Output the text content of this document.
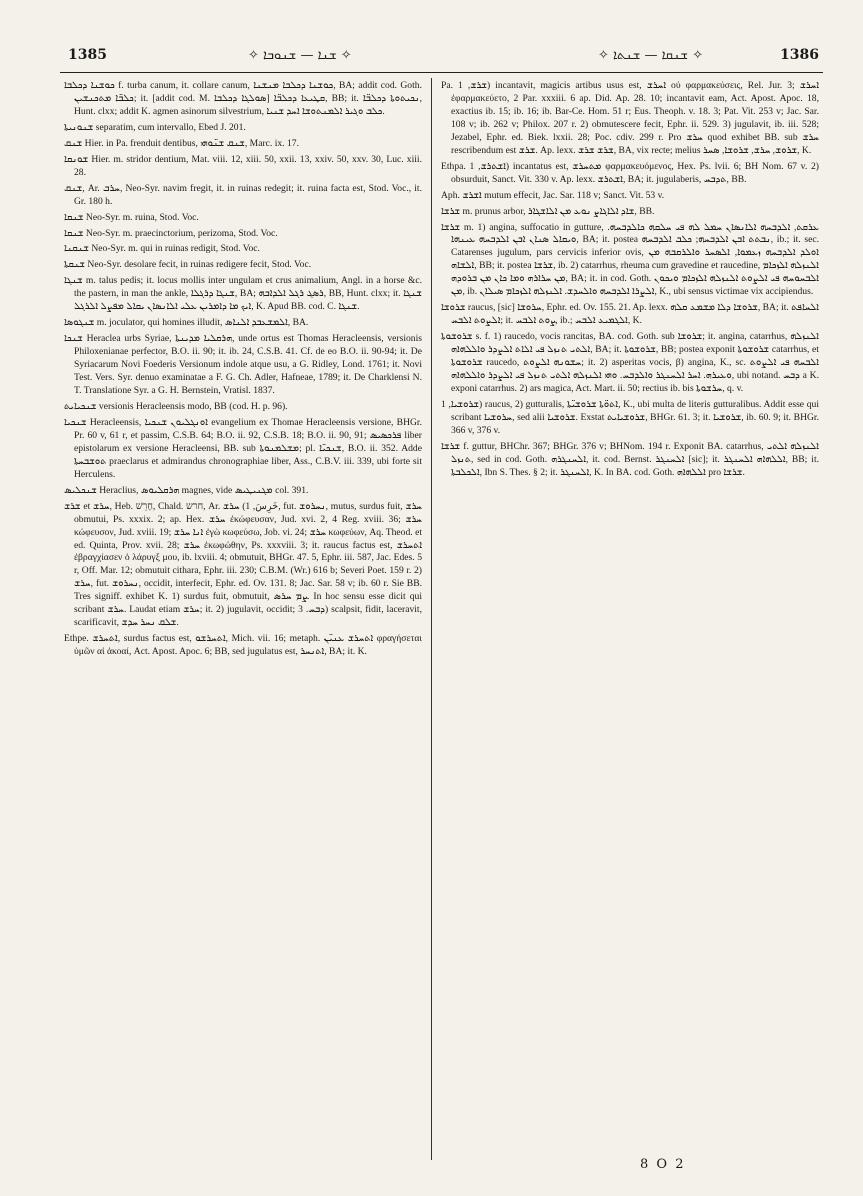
1385	✧ ܫܢܐ — ܫܢܘܒܐ ✧	✧ ܫܢܩܐ — ܫܢܬܐ ✧	1386

ܟܘܫܢܐ ܕܟܠܒܐ f. turba canum, it. collare canum, ܟܘܫܢܐ ܕܟܠܒܐ ܡܢܫܢܐ, BA; addit cod. Goth. ܟܠܒ̈ܐ ܡܬܟܢܫܝܢ; it. [addit cod. M. ܣܘܠܓܐ ܕܟܠܒܐ] ܩܛܝܥܐ ܕܟܠܒ̈ܐ, BB; it. ܢܟܝܬܘܬܐ ܕܟܠܒ̈ܐ, Hunt. clxx; addit K. agmen asinorum silvestrium, ܟܠܒ ܘܓܝܪ ܐܠܡܢܬܘܫܐ ܐܚܕ ܫܢܝܐ.

ܫܢܘܢܝܬܐ separatim, cum intervallo, Ebed J. 201.

ܫܢܩ Hier. in Pa. frenduit dentibus, ܫܢܩ ܫܢ̈ܘܗܝ, Marc. ix. 17.

ܫܘܢܩܐ Hier. m. stridor dentium, Mat. viii. 12, xiii. 50, xxii. 13, xxiv. 50, xxv. 30, Luc. xiii. 28.

ܫܢܩ, Ar. ܚܪܒ, Neo-Syr. navim fregit, it. in ruinas redegit; it. ruina facta est, Stod. Voc., it. Gr. 180 h.

ܫܢܩܐ Neo-Syr. m. ruina, Stod. Voc.

ܫܢܩܐ Neo-Syr. m. praecinctorium, perizoma, Stod. Voc.

ܫܢܩܢܐ Neo-Syr. m. qui in ruinas redigit, Stod. Voc.

ܫܢܩܬܐ Neo-Syr. desolare fecit, in ruinas redigere fecit, Stod. Voc.

ܫܢܓܐ m. talus pedis; it. locus mollis inter ungulam et crus animalium, Angl. in a horse &c. the pastern, in man the ankle, ܫܢܓܐ ܕܪܓܠܐ, BA; ܪܣܓ ܪܓܠ ܐܠܕܐܒܗ, BB, Hunt. clxx; it. ܫܢܓܐ ܐܝܟ ܡܐ ܕܐܡܪܝܢ ܥܠܝ ܐܠܐܢܣܐܢ ܝܩܐܠ ܡܦܨܠ ܐܠܪܓܠ, K. Apud BB. cod. C. ܫܢܓܐ.

ܫܢܓܘܣܐ m. joculator, qui homines illudit, ܐܠܡܫܥܒܕ ܐܠܢܐܣ, BA.

ܫܢܟܐ Heraclea urbs Syriae, ܗܪܩܠܝܐ ܡܕܝܢܬܐ, unde ortus est Thomas Heracleensis, versionis Philoxenianae perfector, B.O. ii. 90; it. ib. 24, C.S.B. 41. Cf. de eo B.O. ii. 90-94; it. De Syriacarum Novi Foederis Versionum indole atque usu, a G. Ridley, Lond. 1761; it. Novi Test. Vers. Syr. denuo examinatae a F. G. Ch. Adler, Hafneae, 1789; it. De Charklensi N. T. Translatione Syr. a G. H. Bernstein, Vratisl. 1837.

ܫܢܟܝܐܝܬ versionis Heracleensis modo, BB (cod. H. p. 96).

ܫܢܟܝܐ Heracleensis, ܐܘܢܓܠܝܘܢ ܫܢܟܝܐ evangelium ex Thomae Heracleensis versione, BHGr. Pr. 60 v, 61 r, et passim, C.S.B. 64; B.O. ii. 92, C.S.B. 18; B.O. ii. 90, 91; ܦܪܟܣܝܣ liber epistolarum ex versione Heracleensi, BB. sub ܡܫܠܡܢܘܬܐ; pl. ܫܢܟܝ̈ܐ, B.O. ii. 352. Adde ܬܘܫܒܚܬܐ praeclarus et admirandus chronographiae liber, Ass., C.B.V. iii. 339, ubi forte sit Herculens.

ܫܢܟܠܝܣ Heraclius, ܗܪܩܠܝܘܣ magnes, vide ܡܓܢܝܛܝܣ col. 391.

ܫܪܫ et ܚܪܫ, Heb. חָרֵשׁ, Chald. חרש, Ar. خَرِسَ, 1) ܚܪܫ, fut. ܢܚܪܘܫ, mutus, surdus fuit, ܚܪܫ obmutui, Ps. xxxix. 2; ap. Hex. ܚܪܫ ἐκώφευσαν, Jud. xvi. 2, 4 Reg. xviii. 36; ܚܪܫ κώφευσον, Jud. xviii. 19; ܐܢܐ ܚܪܫ ἐγὼ κωφεύσω, Job. vi. 24; ܚܪܫ κωφεύων, Aq. Theod. et ed. Quinta, Prov. xvii. 28; ܚܪܫ ἐκωφώθην, Ps. xxxviii. 3; it. raucus factus est, ܐܬܚܪܫ ἐβραγχίασεν ὁ λάρυγξ μου, ib. lxviii. 4; obmutuit, BHGr. 47. 5, Ephr. iii. 587, Jac. Edes. 5 r, Off. Mar. 12; obmutuit cithara, Ephr. iii. 230; C.B.M. (Wr.) 616 b; Severi Poet. 159 r. 2) ܚܪܫ, fut. ܢܚܪܘܫ, occidit, interfecit, Ephr. ed. Ov. 131. 8; Jac. Sar. 58 v; ib. 60 r. Sie BB. Tres signiff. exhibet K. 1) surdus fuit, obmutuit, ܨܡ ܚܪܣ. In hoc sensu esse dicit qui scribant ܚܪܫ. Laudat etiam ܚܪܫ; it. 2) jugulavit, occidit; ܕܒܚ. 3) scalpsit, fidit, laceravit, scarificavit, ܫܠܩ ܢܚܪ ܚܕܫ.

Ethpe. ܐܬܚܪܫ, surdus factus est, ܐܬܚܪܫܘ, Mich. vii. 16; metaph. ܐܬܚܪܫ ܥܢܝ̈ܢ φραγήσεται ὑμῶν αἱ ἀκοαί, Act. Apost. Apoc. 6; BB, sed jugulatus est, ܐܬܢܚܪ, BA; it. K.

Pa. ܫܪܫ, 1) incantavit, magicis artibus usus est, ܐܚܪܫ οὐ φαρμακεύσεις, Rel. Jur. 3; ܐܚܪܫ ἐφαρμακεύετο, 2 Par. xxxiii. 6 ap. Did. Ap. 28. 10; incantavit eam, Act. Apost. Apoc. 18, exactius ib. 15; ib. 16; ib. Bar-Ce. Hom. 51 r; Eus. Theoph. v. 18. 3; Pat. Vit. 253 v; Jac. Sar. 108 v; ib. 262 v; Philox. 207 r. 2) obmutescere fecit, Ephr. ii. 529. 3) jugulavit, ib. iii. 528; Jezabel, Ephr. ed. Biek. lxxii. 28; Poc. cdiv. 299 r. Pro ܚܪܫ quod exhibet BB. sub ܚܪܫ rescribendum est ܫܪܫ. Ap. lexx. ܫܪܫ ܫܪܫ, BA, vix recte; melius ܫܪܘܫ, ܚܪܫ, ܫܪܘܫܐ, ܣܚܪ, K.

Ethpa. ܐܫܬܪܫ, 1) incantatus est, ܡܬܚܪܫ φαρμακευόμενος, Hex. Ps. lvii. 6; BH Nom. 67 v. 2) obsurduit, Sanct. Vit. 330 v. Ap. lexx. ܐܫܬܪܫ, BA; it. jugulaberis, ܬܕܒܚ, BB.

Aph. ܐܫܪܫ mutum effecit, Jac. Sar. 118 v; Sanct. Vit. 53 v.

ܫܪܫܐ m. prunus arbor, ܫܐܕ ܐܠܐܓܐܨ ܢܘܥ ܡܢ ܐܠܐܫܓܐܪ, BB.

ܫܪܫܐ m. 1) angina, suffocatio in gutture, ܥܪܩܬ, ܐܠܕܒܚܗ ܐܠܐܢܣܐܢ ܚܡܠ ܠܗ ܦܝ ܚܠܩܗ ܟܐܠܕܒܚܗ. ܘܝܩܐܠ ܣܢܐܢ ܐܒܢ ܐܠܕܒܚܗ ܥܝܢܗܐ, BA; it. postea ܢܒܬܬ ܐܒܢ ܐܠܕܒܚܗ; ܟܠܒ ܐܠܕܒܚܗ, ib.; it. sec. Catarenses jugulum, pars cervicis inferior ovis, ܐܘܠܕ ܐܠܕܒܚܗ ܙܥܡܘܐ, ܐܠܣܚܪ ܘܐܠܪܩܒܗ ܡܢ ܐܠܫܐܗ, BB; it. postea ܫܪܫܐ, ib. 2) catarrhus, rheuma cum gravedine et raucedine, ܐܠܢܙܠܗ ܐܠܙܟܐܡ ܡܢ ܚܪܐܪܗ ܘܡܐ ܟܐܢ ܡܢ ܒܪܘܕܗ, BA; it. in cod. Goth. ܐܠܒܚܘܚܗ ܦܝ ܐܠܨܘܬ ܐܠܢܙܠܗ ܐܠܙܟܐܡ ܘܝܟܘܢ ܡܢ, ib. ܐܠܨܪܐ ܐܠܕܒܚܗ ܘܐܠܚܕܫ. ܐܠܢܙܠܗ ܐܠܙܟܐܡ ܣܝܠܐܢ, K., ubi sensus victimae vix accipiendus.

ܫܪܘܫܐ raucus, [sic] ܚܪܘܫܐ, Ephr. ed. Ov. 155. 21. Ap. lexx. ܫܪܘܫܐ ܕܠܐ ܡܫܡܥ ܩܠܗ, BA; it. ܐܠܚܐܦܬ ܐܠܨܘܬ ܐܠܒܚ; it. ܨܘܬ ܐܠܒܚ, ib.; ܐܠܓܡܝܥ ܐܠܒܚ, K.

ܫܪܘܫܘܬܐ s. f. 1) raucedo, vocis rancitas, BA. cod. Goth. sub ܫܪܘܫܐ; it. angina, catarrhus, ܐܠܢܙܠܗ ܐܠܬܝ ܬܢܙܠ ܦܝ ܐܠܐܬ ܐܠܨܕܪ ܘܐܠܠܗܐܗ, BA; it. ܫܪܘܫܘܬܐ, BB; postea exponit ܫܪܘܫܘܬܐ catarrhus, et ܫܪܘܫܘܬܐ raucedo, ܚܫܘܢܗ ܐܠܨܘܬ; it. 2) asperitas vocis, β) angina, K., sc. ܐܠܒܚܗ ܦܝ ܐܠܨܘܬ ܘܥܝܪܗ. ܐܚܪ ܐܠܚܢܓܪ ܘܐܠܕܒܚ. ܘܗܝ ܐܠܢܙܠܗ ܐܠܬܝ ܬܢܙܠ ܦܝ ܐܠܨܕܪ ܘܐܠܠܗܐܗ, ubi notand. ܕܒܚ a K. exponi catarrhus. 2) ars magica, Act. Mart. ii. 50; rectius ib. bis ܚܪܫܘܬܐ, q. v.

ܫܪܘܫܝܐ, 1) raucus, 2) gutturalis, ܐܬܘ̈ܬܐ ܫܪܘܫܝ̈ܬܐ, K., ubi multa de literis gutturalibus. Addit esse qui scribant ܚܪܘܫܝܐ, sed alii ܫܪܘܫܝܐ. Exstat ܫܪܘܫܝܐܝܬ, BHGr. 61. 3; it. ܫܪܘܫܝܐ, ib. 60. 9; it. BHGr. 366 v, 376 v.

ܫܪܫܐ f. guttur, BHChr. 367; BHGr. 376 v; BHNom. 194 r. Exponit BA. catarrhus, ܐܠܢܙܠܗ ܐܠܬܝ ܬܢܙܠ, sed in cod. Goth. ܐܠܚܢܓܪܗ, it. cod. Bernst. ܐܠܚܢܓܪ [sic]; it. ܐܠܠܗܐܗ ܐܠܚܢܓܪ, BB; it. ܐܠܟܠܒܬܐ, Ibn S. Thes. § 2; it. ܐܠܚܢܓܪ, K. In BA. cod. Goth. ܐܠܠܗܐܗ pro ܫܪܫܐ.

8 O 2
